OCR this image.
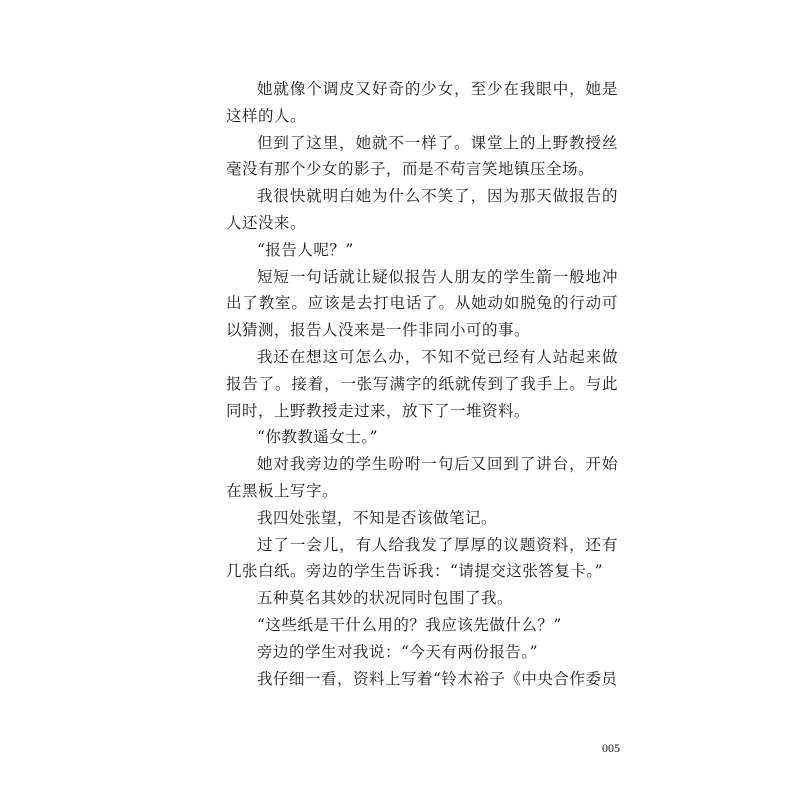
她就像个调皮又好奇的少女，至少在我眼中，她是这样的人。

但到了这里，她就不一样了。课堂上的上野教授丝毫没有那个少女的影子，而是不苟言笑地镇压全场。

我很快就明白她为什么不笑了，因为那天做报告的人还没来。

“报告人呢？”

短短一句话就让疑似报告人朋友的学生箭一般地冲出了教室。应该是去打电话了。从她动如脱兔的行动可以猜测，报告人没来是一件非同小可的事。

我还在想这可怎么办，不知不觉已经有人站起来做报告了。接着，一张写满字的纸就传到了我手上。与此同时，上野教授走过来，放下了一堆资料。

“你教教遥女士。”

她对我旁边的学生吩咐一句后又回到了讲台，开始在黑板上写字。

我四处张望，不知是否该做笔记。

过了一会儿，有人给我发了厚厚的议题资料，还有几张白纸。旁边的学生告诉我：“请提交这张答复卡。”

五种莫名其妙的状况同时包围了我。

“这些纸是干什么用的？我应该先做什么？”

旁边的学生对我说：“今天有两份报告。”

我仔细一看，资料上写着“铃木裕子《中央合作委员

005
